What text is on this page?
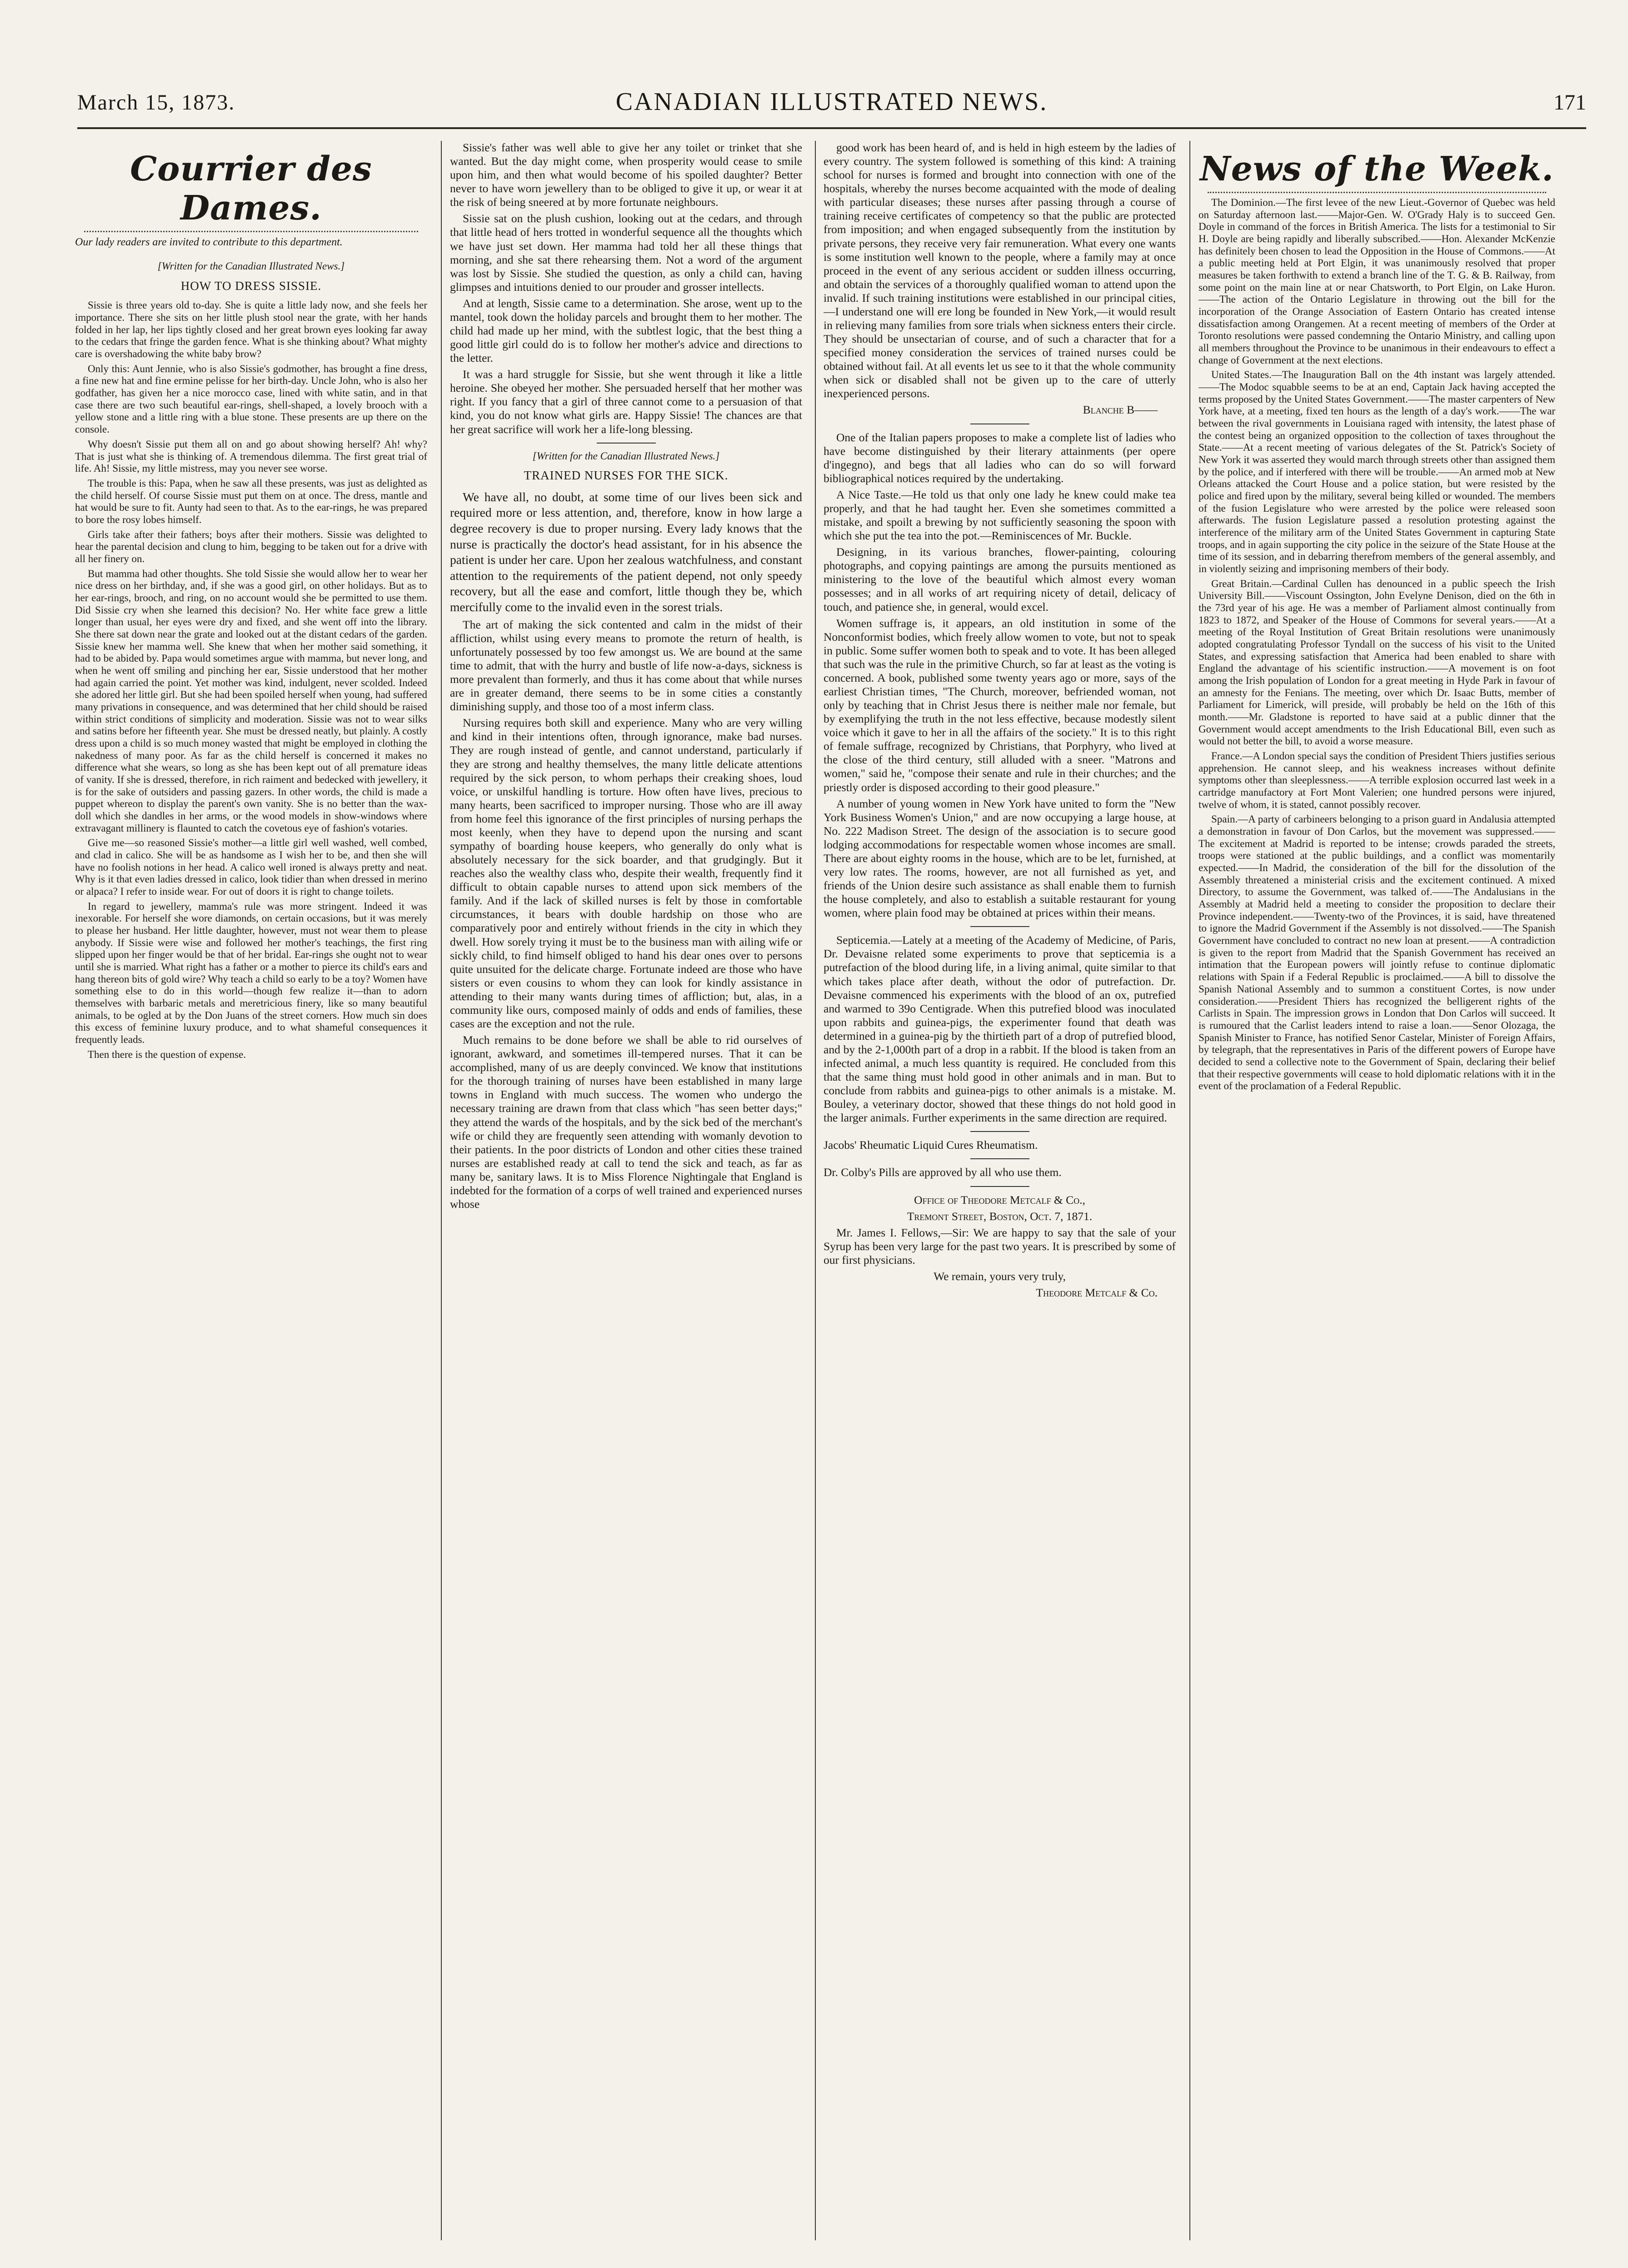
March 15, 1873.	CANADIAN ILLUSTRATED NEWS.	171
Courrier des Dames.
Our lady readers are invited to contribute to this department.
[Written for the Canadian Illustrated News.]
HOW TO DRESS SISSIE.

Sissie is three years old to-day. She is quite a little lady now, and she feels her importance. There she sits on her little plush stool near the grate, with her hands folded in her lap, her lips tightly closed and her great brown eyes looking far away to the cedars that fringe the garden fence. What is she thinking about? What mighty care is overshadowing the white baby brow?

Only this: Aunt Jennie, who is also Sissie's godmother, has brought a fine dress, a fine new hat and fine ermine pelisse for her birth-day. Uncle John, who is also her godfather, has given her a nice morocco case, lined with white satin, and in that case there are two such beautiful ear-rings, shell-shaped, a lovely brooch with a yellow stone and a little ring with a blue stone. These presents are up there on the console.

Why doesn't Sissie put them all on and go about showing herself? Ah! why? That is just what she is thinking of. A tremendous dilemma. The first great trial of life. Ah! Sissie, my little mistress, may you never see worse.

The trouble is this: Papa, when he saw all these presents, was just as delighted as the child herself. Of course Sissie must put them on at once. The dress, mantle and hat would be sure to fit. Aunty had seen to that. As to the ear-rings, he was prepared to bore the rosy lobes himself.

Girls take after their fathers; boys after their mothers. Sissie was delighted to hear the parental decision and clung to him, begging to be taken out for a drive with all her finery on.

But mamma had other thoughts. She told Sissie she would allow her to wear her nice dress on her birthday, and, if she was a good girl, on other holidays. But as to her ear-rings, brooch, and ring, on no account would she be permitted to use them. Did Sissie cry when she learned this decision? No. Her white face grew a little longer than usual, her eyes were dry and fixed, and she went off into the library. She there sat down near the grate and looked out at the distant cedars of the garden. Sissie knew her mamma well. She knew that when her mother said something, it had to be abided by. Papa would sometimes argue with mamma, but never long, and when he went off smiling and pinching her ear, Sissie understood that her mother had again carried the point. Yet mother was kind, indulgent, never scolded. Indeed she adored her little girl. But she had been spoiled herself when young, had suffered many privations in consequence, and was determined that her child should be raised within strict conditions of simplicity and moderation. Sissie was not to wear silks and satins before her fifteenth year. She must be dressed neatly, but plainly. A costly dress upon a child is so much money wasted that might be employed in clothing the nakedness of many poor. As far as the child herself is concerned it makes no difference what she wears, so long as she has been kept out of all premature ideas of vanity. If she is dressed, therefore, in rich raiment and bedecked with jewellery, it is for the sake of outsiders and passing gazers. In other words, the child is made a puppet whereon to display the parent's own vanity. She is no better than the wax-doll which she dandles in her arms, or the wood models in show-windows where extravagant millinery is flaunted to catch the covetous eye of fashion's votaries.

Give me—so reasoned Sissie's mother—a little girl well washed, well combed, and clad in calico. She will be as handsome as I wish her to be, and then she will have no foolish notions in her head. A calico well ironed is always pretty and neat. Why is it that even ladies dressed in calico, look tidier than when dressed in merino or alpaca? I refer to inside wear. For out of doors it is right to change toilets.

In regard to jewellery, mamma's rule was more stringent. Indeed it was inexorable. For herself she wore diamonds, on certain occasions, but it was merely to please her husband. Her little daughter, however, must not wear them to please anybody. If Sissie were wise and followed her mother's teachings, the first ring slipped upon her finger would be that of her bridal. Ear-rings she ought not to wear until she is married. What right has a father or a mother to pierce its child's ears and hang thereon bits of gold wire? Why teach a child so early to be a toy? Women have something else to do in this world—though few realize it—than to adorn themselves with barbaric metals and meretricious finery, like so many beautiful animals, to be ogled at by the Don Juans of the street corners. How much sin does this excess of feminine luxury produce, and to what shameful consequences it frequently leads.

Then there is the question of expense.

Sissie's father was well able to give her any toilet or trinket that she wanted. But the day might come, when prosperity would cease to smile upon him, and then what would become of his spoiled daughter? Better never to have worn jewellery than to be obliged to give it up, or wear it at the risk of being sneered at by more fortunate neighbours.

Sissie sat on the plush cushion, looking out at the cedars, and through that little head of hers trotted in wonderful sequence all the thoughts which we have just set down. Her mamma had told her all these things that morning, and she sat there rehearsing them. Not a word of the argument was lost by Sissie. She studied the question, as only a child can, having glimpses and intuitions denied to our prouder and grosser intellects.

And at length, Sissie came to a determination. She arose, went up to the mantel, took down the holiday parcels and brought them to her mother. The child had made up her mind, with the subtlest logic, that the best thing a good little girl could do is to follow her mother's advice and directions to the letter.

It was a hard struggle for Sissie, but she went through it like a little heroine. She obeyed her mother. She persuaded herself that her mother was right. If you fancy that a girl of three cannot come to a persuasion of that kind, you do not know what girls are. Happy Sissie! The chances are that her great sacrifice will work her a life-long blessing.

[Written for the Canadian Illustrated News.]
TRAINED NURSES FOR THE SICK.

We have all, no doubt, at some time of our lives been sick and required more or less attention, and, therefore, know in how large a degree recovery is due to proper nursing. Every lady knows that the nurse is practically the doctor's head assistant, for in his absence the patient is under her care. Upon her zealous watchfulness, and constant attention to the requirements of the patient depend, not only speedy recovery, but all the ease and comfort, little though they be, which mercifully come to the invalid even in the sorest trials.

The art of making the sick contented and calm in the midst of their affliction, whilst using every means to promote the return of health, is unfortunately possessed by too few amongst us. We are bound at the same time to admit, that with the hurry and bustle of life now-a-days, sickness is more prevalent than formerly, and thus it has come about that while nurses are in greater demand, there seems to be in some cities a constantly diminishing supply, and those too of a most inferm class.

Nursing requires both skill and experience. Many who are very willing and kind in their intentions often, through ignorance, make bad nurses. They are rough instead of gentle, and cannot understand, particularly if they are strong and healthy themselves, the many little delicate attentions required by the sick person, to whom perhaps their creaking shoes, loud voice, or unskilful handling is torture. How often have lives, precious to many hearts, been sacrificed to improper nursing. Those who are ill away from home feel this ignorance of the first principles of nursing perhaps the most keenly, when they have to depend upon the nursing and scant sympathy of boarding house keepers, who generally do only what is absolutely necessary for the sick boarder, and that grudgingly. But it reaches also the wealthy class who, despite their wealth, frequently find it difficult to obtain capable nurses to attend upon sick members of the family. And if the lack of skilled nurses is felt by those in comfortable circumstances, it bears with double hardship on those who are comparatively poor and entirely without friends in the city in which they dwell. How sorely trying it must be to the business man with ailing wife or sickly child, to find himself obliged to hand his dear ones over to persons quite unsuited for the delicate charge. Fortunate indeed are those who have sisters or even cousins to whom they can look for kindly assistance in attending to their many wants during times of affliction; but, alas, in a community like ours, composed mainly of odds and ends of families, these cases are the exception and not the rule.

Much remains to be done before we shall be able to rid ourselves of ignorant, awkward, and sometimes ill-tempered nurses. That it can be accomplished, many of us are deeply convinced. We know that institutions for the thorough training of nurses have been established in many large towns in England with much success. The women who undergo the necessary training are drawn from that class which "has seen better days;" they attend the wards of the hospitals, and by the sick bed of the merchant's wife or child they are frequently seen attending with womanly devotion to their patients. In the poor districts of London and other cities these trained nurses are established ready at call to tend the sick and teach, as far as many be, sanitary laws. It is to Miss Florence Nightingale that England is indebted for the formation of a corps of well trained and experienced nurses whose

good work has been heard of, and is held in high esteem by the ladies of every country. The system followed is something of this kind: A training school for nurses is formed and brought into connection with one of the hospitals, whereby the nurses become acquainted with the mode of dealing with particular diseases; these nurses after passing through a course of training receive certificates of competency so that the public are protected from imposition; and when engaged subsequently from the institution by private persons, they receive very fair remuneration. What every one wants is some institution well known to the people, where a family may at once proceed in the event of any serious accident or sudden illness occurring, and obtain the services of a thoroughly qualified woman to attend upon the invalid. If such training institutions were established in our principal cities,—I understand one will ere long be founded in New York,—it would result in relieving many families from sore trials when sickness enters their circle. They should be unsectarian of course, and of such a character that for a specified money consideration the services of trained nurses could be obtained without fail. At all events let us see to it that the whole community when sick or disabled shall not be given up to the care of utterly inexperienced persons.

Blanche B——

One of the Italian papers proposes to make a complete list of ladies who have become distinguished by their literary attainments (per opere d'ingegno), and begs that all ladies who can do so will forward bibliographical notices required by the undertaking.

A Nice Taste.—He told us that only one lady he knew could make tea properly, and that he had taught her. Even she sometimes committed a mistake, and spoilt a brewing by not sufficiently seasoning the spoon with which she put the tea into the pot.—Reminiscences of Mr. Buckle.

Designing, in its various branches, flower-painting, colouring photographs, and copying paintings are among the pursuits mentioned as ministering to the love of the beautiful which almost every woman possesses; and in all works of art requiring nicety of detail, delicacy of touch, and patience she, in general, would excel.

Women suffrage is, it appears, an old institution in some of the Nonconformist bodies, which freely allow women to vote, but not to speak in public. Some suffer women both to speak and to vote. It has been alleged that such was the rule in the primitive Church, so far at least as the voting is concerned. A book, published some twenty years ago or more, says of the earliest Christian times, "The Church, moreover, befriended woman, not only by teaching that in Christ Jesus there is neither male nor female, but by exemplifying the truth in the not less effective, because modestly silent voice which it gave to her in all the affairs of the society." It is to this right of female suffrage, recognized by Christians, that Porphyry, who lived at the close of the third century, still alluded with a sneer. "Matrons and women," said he, "compose their senate and rule in their churches; and the priestly order is disposed according to their good pleasure."

A number of young women in New York have united to form the "New York Business Women's Union," and are now occupying a large house, at No. 222 Madison Street. The design of the association is to secure good lodging accommodations for respectable women whose incomes are small. There are about eighty rooms in the house, which are to be let, furnished, at very low rates. The rooms, however, are not all furnished as yet, and friends of the Union desire such assistance as shall enable them to furnish the house completely, and also to establish a suitable restaurant for young women, where plain food may be obtained at prices within their means.

Septicemia.—Lately at a meeting of the Academy of Medicine, of Paris, Dr. Devaisne related some experiments to prove that septicemia is a putrefaction of the blood during life, in a living animal, quite similar to that which takes place after death, without the odor of putrefaction. Dr. Devaisne commenced his experiments with the blood of an ox, putrefied and warmed to 39o Centigrade. When this putrefied blood was inoculated upon rabbits and guinea-pigs, the experimenter found that death was determined in a guinea-pig by the thirtieth part of a drop of putrefied blood, and by the 2-1,000th part of a drop in a rabbit. If the blood is taken from an infected animal, a much less quantity is required. He concluded from this that the same thing must hold good in other animals and in man. But to conclude from rabbits and guinea-pigs to other animals is a mistake. M. Bouley, a veterinary doctor, showed that these things do not hold good in the larger animals. Further experiments in the same direction are required.

Jacobs' Rheumatic Liquid Cures Rheumatism.

Dr. Colby's Pills are approved by all who use them.

Office of Theodore Metcalf & Co.,

Tremont Street, Boston, Oct. 7, 1871.

Mr. James I. Fellows,—Sir: We are happy to say that the sale of your Syrup has been very large for the past two years. It is prescribed by some of our first physicians.

We remain, yours very truly,

Theodore Metcalf & Co.
News of the Week.

The Dominion.—The first levee of the new Lieut.-Governor of Quebec was held on Saturday afternoon last.——Major-Gen. W. O'Grady Haly is to succeed Gen. Doyle in command of the forces in British America. The lists for a testimonial to Sir H. Doyle are being rapidly and liberally subscribed.——Hon. Alexander McKenzie has definitely been chosen to lead the Opposition in the House of Commons.——At a public meeting held at Port Elgin, it was unanimously resolved that proper measures be taken forthwith to extend a branch line of the T. G. & B. Railway, from some point on the main line at or near Chatsworth, to Port Elgin, on Lake Huron.——The action of the Ontario Legislature in throwing out the bill for the incorporation of the Orange Association of Eastern Ontario has created intense dissatisfaction among Orangemen. At a recent meeting of members of the Order at Toronto resolutions were passed condemning the Ontario Ministry, and calling upon all members throughout the Province to be unanimous in their endeavours to effect a change of Government at the next elections.

United States.—The Inauguration Ball on the 4th instant was largely attended.——The Modoc squabble seems to be at an end, Captain Jack having accepted the terms proposed by the United States Government.——The master carpenters of New York have, at a meeting, fixed ten hours as the length of a day's work.——The war between the rival governments in Louisiana raged with intensity, the latest phase of the contest being an organized opposition to the collection of taxes throughout the State.——At a recent meeting of various delegates of the St. Patrick's Society of New York it was asserted they would march through streets other than assigned them by the police, and if interfered with there will be trouble.——An armed mob at New Orleans attacked the Court House and a police station, but were resisted by the police and fired upon by the military, several being killed or wounded. The members of the fusion Legislature who were arrested by the police were released soon afterwards. The fusion Legislature passed a resolution protesting against the interference of the military arm of the United States Government in capturing State troops, and in again supporting the city police in the seizure of the State House at the time of its session, and in debarring therefrom members of the general assembly, and in violently seizing and imprisoning members of their body.

Great Britain.—Cardinal Cullen has denounced in a public speech the Irish University Bill.——Viscount Ossington, John Evelyne Denison, died on the 6th in the 73rd year of his age. He was a member of Parliament almost continually from 1823 to 1872, and Speaker of the House of Commons for several years.——At a meeting of the Royal Institution of Great Britain resolutions were unanimously adopted congratulating Professor Tyndall on the success of his visit to the United States, and expressing satisfaction that America had been enabled to share with England the advantage of his scientific instruction.——A movement is on foot among the Irish population of London for a great meeting in Hyde Park in favour of an amnesty for the Fenians. The meeting, over which Dr. Isaac Butts, member of Parliament for Limerick, will preside, will probably be held on the 16th of this month.——Mr. Gladstone is reported to have said at a public dinner that the Government would accept amendments to the Irish Educational Bill, even such as would not better the bill, to avoid a worse measure.

France.—A London special says the condition of President Thiers justifies serious apprehension. He cannot sleep, and his weakness increases without definite symptoms other than sleeplessness.——A terrible explosion occurred last week in a cartridge manufactory at Fort Mont Valerien; one hundred persons were injured, twelve of whom, it is stated, cannot possibly recover.

Spain.—A party of carbineers belonging to a prison guard in Andalusia attempted a demonstration in favour of Don Carlos, but the movement was suppressed.——The excitement at Madrid is reported to be intense; crowds paraded the streets, troops were stationed at the public buildings, and a conflict was momentarily expected.——In Madrid, the consideration of the bill for the dissolution of the Assembly threatened a ministerial crisis and the excitement continued. A mixed Directory, to assume the Government, was talked of.——The Andalusians in the Assembly at Madrid held a meeting to consider the proposition to declare their Province independent.——Twenty-two of the Provinces, it is said, have threatened to ignore the Madrid Government if the Assembly is not dissolved.——The Spanish Government have concluded to contract no new loan at present.——A contradiction is given to the report from Madrid that the Spanish Government has received an intimation that the European powers will jointly refuse to continue diplomatic relations with Spain if a Federal Republic is proclaimed.——A bill to dissolve the Spanish National Assembly and to summon a constituent Cortes, is now under consideration.——President Thiers has recognized the belligerent rights of the Carlists in Spain. The impression grows in London that Don Carlos will succeed. It is rumoured that the Carlist leaders intend to raise a loan.——Senor Olozaga, the Spanish Minister to France, has notified Senor Castelar, Minister of Foreign Affairs, by telegraph, that the representatives in Paris of the different powers of Europe have decided to send a collective note to the Government of Spain, declaring their belief that their respective governments will cease to hold diplomatic relations with it in the event of the proclamation of a Federal Republic.
